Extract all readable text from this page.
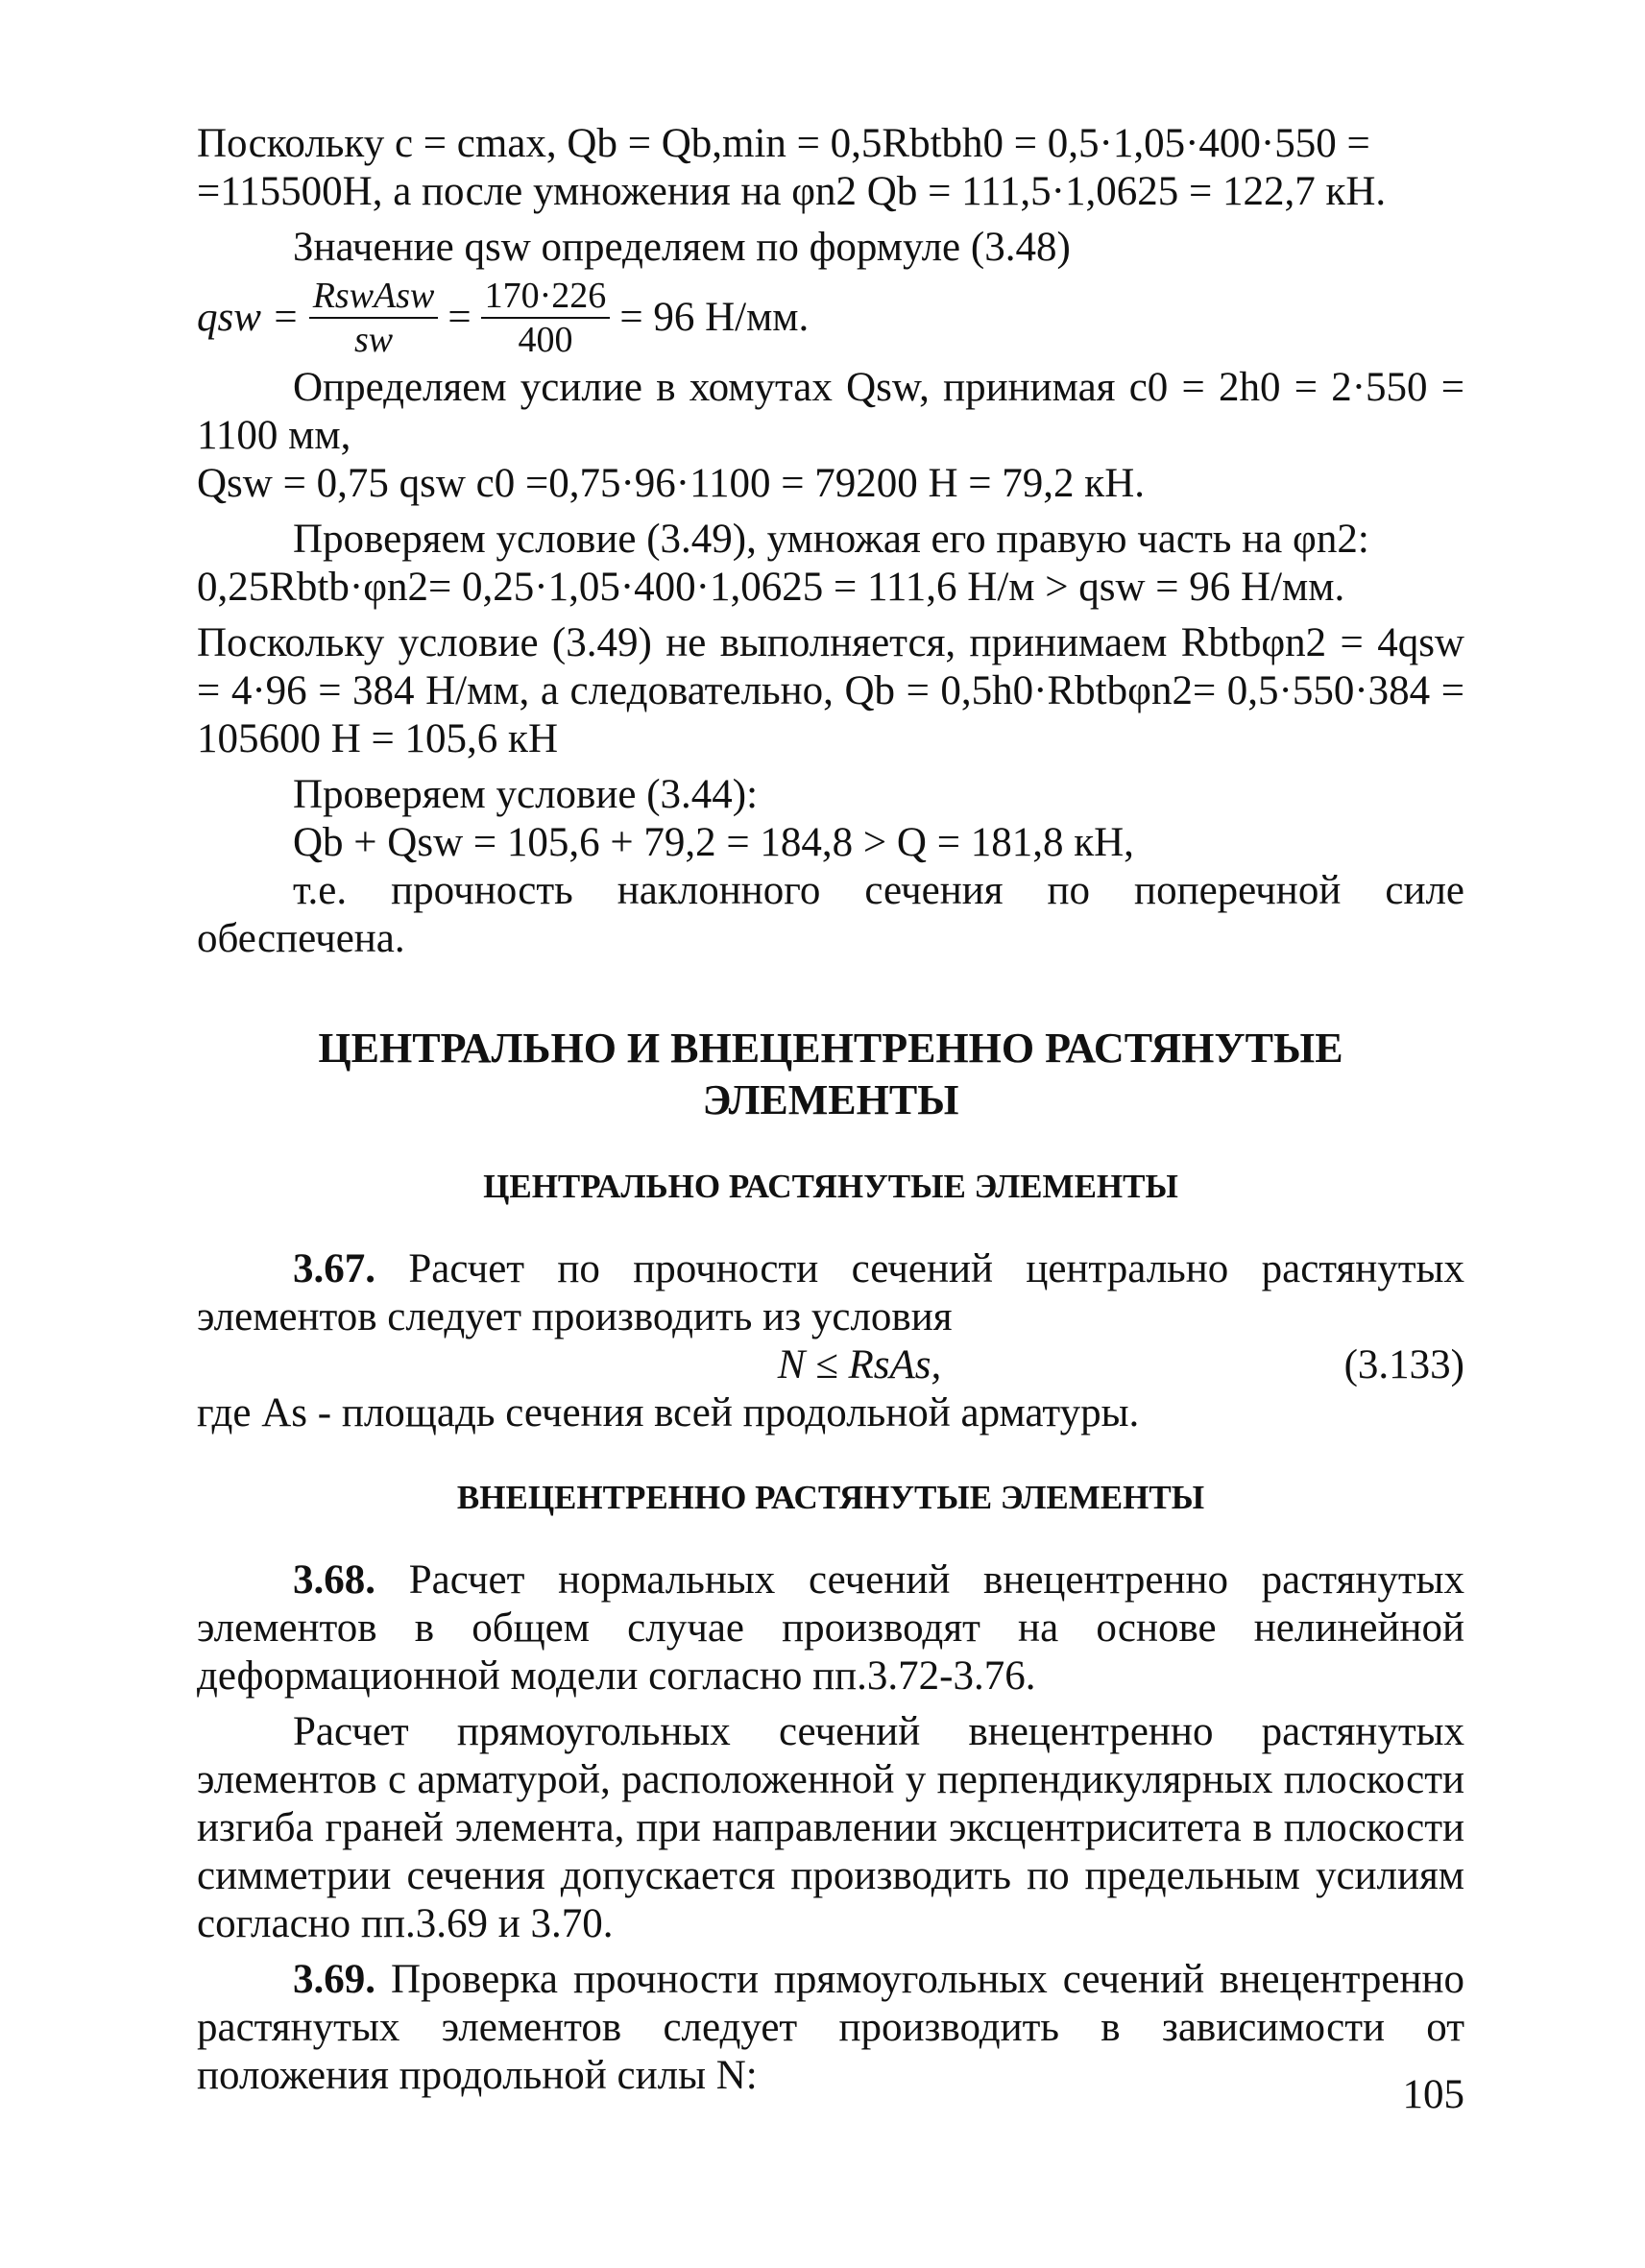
Поскольку c = cmax, Qb = Qb,min = 0,5Rbtbh0 = 0,5·1,05·400·550 =

=115500Н, а после умножения на φn2 Qb = 111,5·1,0625 = 122,7 кН.

Значение qsw определяем по формуле (3.48)

qsw = $\frac{\text{RswAsw}}{sw} = \frac{170\cdot 226}{400} = 96$ Н/мм.

Определяем усилие в хомутах Qsw, принимая c0 = 2h0 = 2·550 = 1100 мм,

Qsw = 0,75 qsw c0 =0,75·96·1100 = 79200 Н = 79,2 кН.

Проверяем условие (3.49), умножая его правую часть на φn2:

0,25Rbtb·φn2= 0,25·1,05·400·1,0625 = 111,6 Н/м > qsw = 96 Н/мм.

Поскольку условие (3.49) не выполняется, принимаем Rbtbφn2 = 4qsw = 4·96 = 384 Н/мм, а следовательно, Qb = 0,5h0·Rbtbφn2= 0,5·550·384 = 105600 Н = 105,6 кН

Проверяем условие (3.44):

Qb + Qsw = 105,6 + 79,2 = 184,8 > Q = 181,8 кН,

т.е. прочность наклонного сечения по поперечной силе обеспечена.

ЦЕНТРАЛЬНО И ВНЕЦЕНТРЕННО РАСТЯНУТЫЕ ЭЛЕМЕНТЫ
ЦЕНТРАЛЬНО РАСТЯНУТЫЕ ЭЛЕМЕНТЫ

3.67. Расчет по прочности сечений центрально растянутых элементов следует производить из условия

N ≤ RsAs,	(3.133)

где As - площадь сечения всей продольной арматуры.

ВНЕЦЕНТРЕННО РАСТЯНУТЫЕ ЭЛЕМЕНТЫ

3.68. Расчет нормальных сечений внецентренно растянутых элементов в общем случае производят на основе нелинейной деформационной модели согласно пп.3.72-3.76.

Расчет прямоугольных сечений внецентренно растянутых элементов с арматурой, расположенной у перпендикулярных плоскости изгиба граней элемента, при направлении эксцентриситета в плоскости симметрии сечения допускается производить по предельным усилиям согласно пп.3.69 и 3.70.

3.69. Проверка прочности прямоугольных сечений внецентренно растянутых элементов следует производить в зависимости от положения продольной силы N:	105
